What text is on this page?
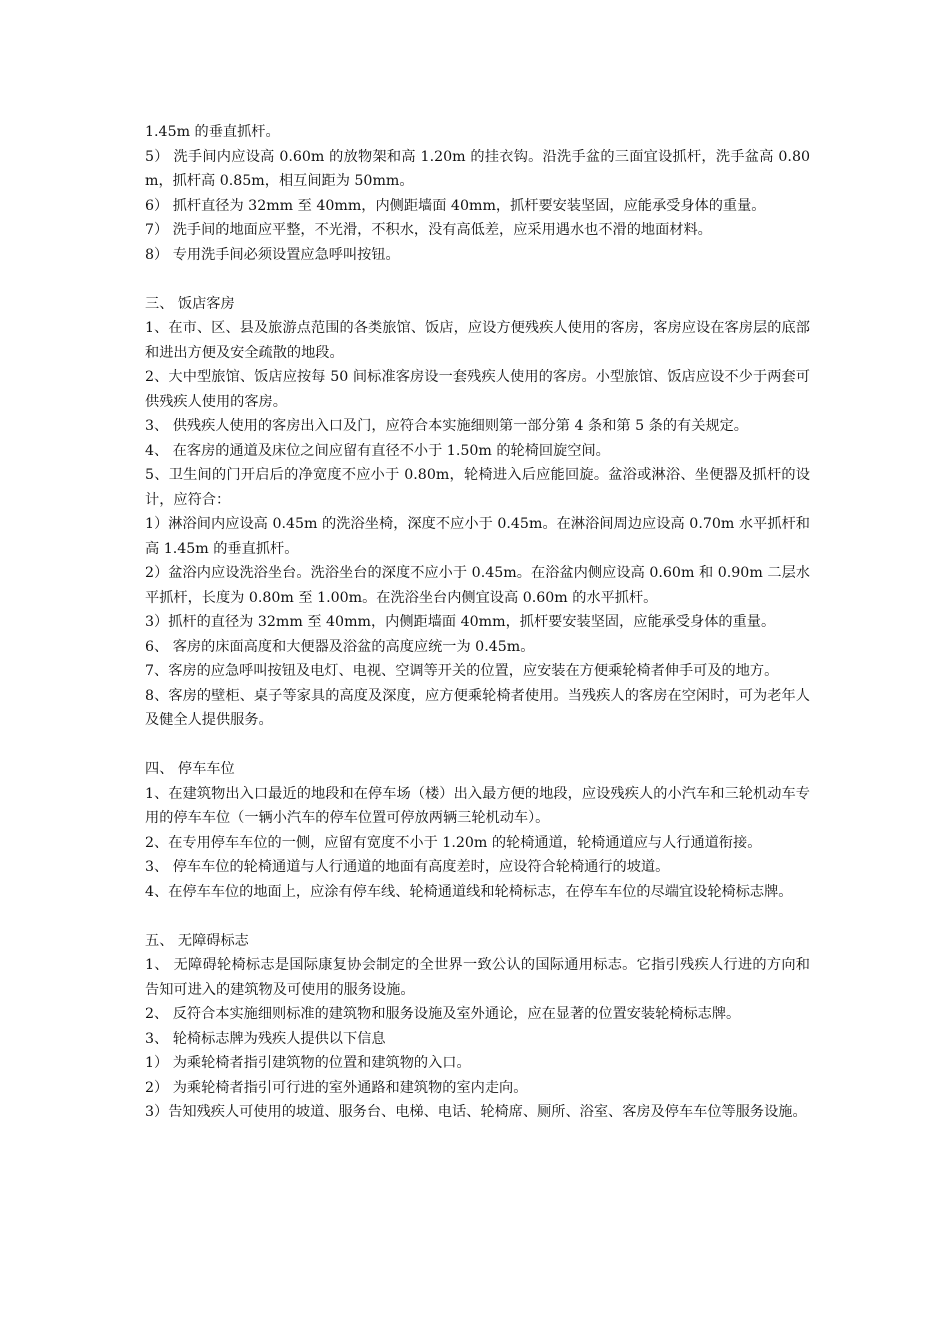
1.45m 的垂直抓杆。

5） 洗手间内应设高 0.60m 的放物架和高 1.20m 的挂衣钩。沿洗手盆的三面宜设抓杆，洗手盆高 0.80m，抓杆高 0.85m，相互间距为 50mm。

6） 抓杆直径为 32mm 至 40mm，内侧距墙面 40mm，抓杆要安装坚固，应能承受身体的重量。

7） 洗手间的地面应平整，不光滑，不积水，没有高低差，应采用遇水也不滑的地面材料。

8） 专用洗手间必须设置应急呼叫按钮。

三、 饭店客房

1、在市、区、县及旅游点范围的各类旅馆、饭店，应设方便残疾人使用的客房，客房应设在客房层的底部和进出方便及安全疏散的地段。

2、大中型旅馆、饭店应按每 50 间标准客房设一套残疾人使用的客房。小型旅馆、饭店应设不少于两套可供残疾人使用的客房。

3、 供残疾人使用的客房出入口及门，应符合本实施细则第一部分第 4 条和第 5 条的有关规定。

4、 在客房的通道及床位之间应留有直径不小于 1.50m 的轮椅回旋空间。

5、卫生间的门开启后的净宽度不应小于 0.80m，轮椅进入后应能回旋。盆浴或淋浴、坐便器及抓杆的设计，应符合：

1）淋浴间内应设高 0.45m 的洗浴坐椅，深度不应小于 0.45m。在淋浴间周边应设高 0.70m 水平抓杆和高 1.45m 的垂直抓杆。

2）盆浴内应设洗浴坐台。洗浴坐台的深度不应小于 0.45m。在浴盆内侧应设高 0.60m 和 0.90m 二层水平抓杆，长度为 0.80m 至 1.00m。在洗浴坐台内侧宜设高 0.60m 的水平抓杆。

3）抓杆的直径为 32mm 至 40mm，内侧距墙面 40mm，抓杆要安装坚固，应能承受身体的重量。

6、 客房的床面高度和大便器及浴盆的高度应统一为 0.45m。

7、客房的应急呼叫按钮及电灯、电视、空调等开关的位置，应安装在方便乘轮椅者伸手可及的地方。

8、客房的壁柜、桌子等家具的高度及深度，应方便乘轮椅者使用。当残疾人的客房在空闲时，可为老年人及健全人提供服务。

四、 停车车位

1、在建筑物出入口最近的地段和在停车场（楼）出入最方便的地段，应设残疾人的小汽车和三轮机动车专用的停车车位（一辆小汽车的停车位置可停放两辆三轮机动车）。

2、在专用停车车位的一侧，应留有宽度不小于 1.20m 的轮椅通道，轮椅通道应与人行通道衔接。

3、 停车车位的轮椅通道与人行通道的地面有高度差时，应设符合轮椅通行的坡道。

4、在停车车位的地面上，应涂有停车线、轮椅通道线和轮椅标志，在停车车位的尽端宜设轮椅标志牌。

五、 无障碍标志

1、 无障碍轮椅标志是国际康复协会制定的全世界一致公认的国际通用标志。它指引残疾人行进的方向和告知可进入的建筑物及可使用的服务设施。

2、 反符合本实施细则标准的建筑物和服务设施及室外通论，应在显著的位置安装轮椅标志牌。

3、 轮椅标志牌为残疾人提供以下信息

1） 为乘轮椅者指引建筑物的位置和建筑物的入口。

2） 为乘轮椅者指引可行进的室外通路和建筑物的室内走向。

3）告知残疾人可使用的坡道、服务台、电梯、电话、轮椅席、厕所、浴室、客房及停车车位等服务设施。
